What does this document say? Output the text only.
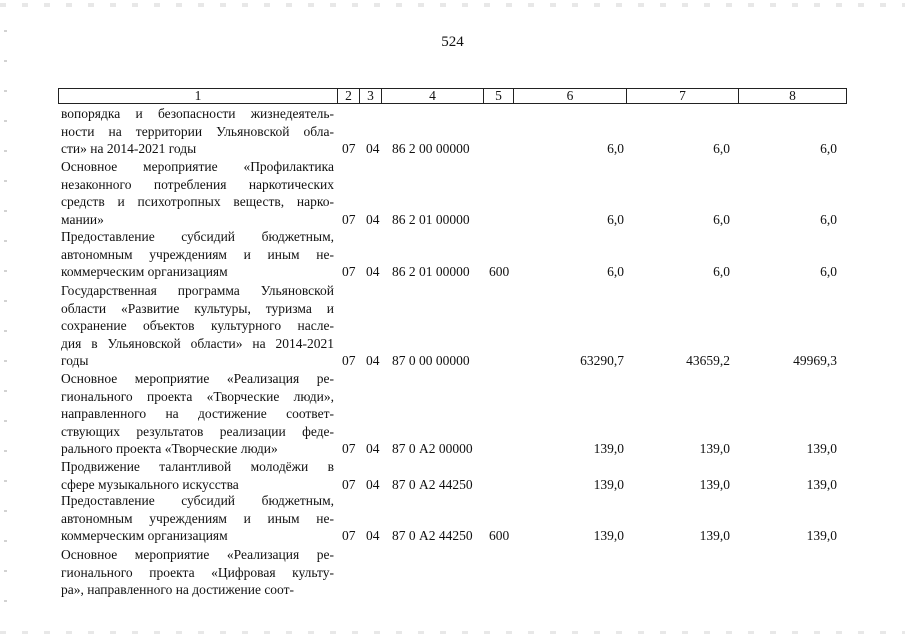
524
1	2	3	4	5	6	7	8
вопорядка и безопасности жизнедеятель-
ности на территории Ульяновской обла-
сти» на 2014-2021 годы	07 04 86 2 00 00000	6,0	6,0	6,0
Основное мероприятие «Профилактика
незаконного потребления наркотических
средств и психотропных веществ, нарко-
мании»	07 04 86 2 01 00000	6,0	6,0	6,0
Предоставление субсидий бюджетным,
автономным учреждениям и иным не-
коммерческим организациям	07 04 86 2 01 00000 600	6,0	6,0	6,0
Государственная программа Ульяновской
области «Развитие культуры, туризма и
сохранение объектов культурного насле-
дия в Ульяновской области» на 2014-2021
годы	07 04 87 0 00 00000	63290,7	43659,2	49969,3
Основное мероприятие «Реализация ре-
гионального проекта «Творческие люди»,
направленного на достижение соответ-
ствующих результатов реализации феде-
рального проекта «Творческие люди»	07 04 87 0 А2 00000	139,0	139,0	139,0
Продвижение талантливой молодёжи в
сфере музыкального искусства	07 04 87 0 А2 44250	139,0	139,0	139,0
Предоставление субсидий бюджетным,
автономным учреждениям и иным не-
коммерческим организациям	07 04 87 0 А2 44250 600	139,0	139,0	139,0
Основное мероприятие «Реализация ре-
гионального проекта «Цифровая культу-
ра», направленного на достижение соот-
